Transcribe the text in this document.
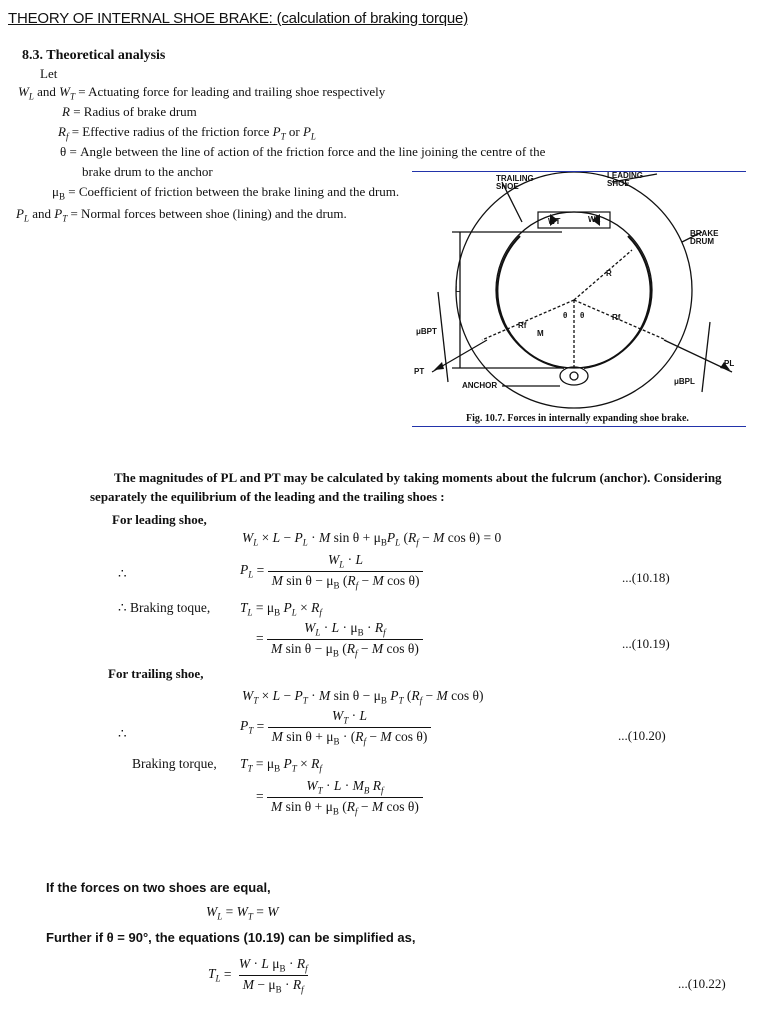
THEORY OF INTERNAL SHOE BRAKE: (calculation of braking torque)
8.3. Theoretical analysis
Let
$W_L$ and $W_T$ = Actuating force for leading and trailing shoe respectively
R = Radius of brake drum
$R_f$ = Effective radius of the friction force $P_T$ or $P_L$
θ = Angle between the line of action of the friction force and the line joining the centre of the
brake drum to the anchor
$\mu_B$ = Coefficient of friction between the brake lining and the drum.
$P_L$ and $P_T$ = Normal forces between shoe (lining) and the drum.
TRAILING
SHOE
LEADING
SHOE
BRAKE
DRUM
ANCHOR
WT	WL
R
Rf
Rf
L
M
θ θ
μBPT
PT
PL
μBPL
Fig. 10.7. Forces in internally expanding shoe brake.
The magnitudes of PL and PT may be calculated by taking moments about the fulcrum (anchor). Considering separately the equilibrium of the leading and the trailing shoes :
For leading shoe,
$W_L \times L - P_L \cdot M$ $\sin \theta + \mu_BP_L$ ($R_f - M$ cos θ) = 0
∴	$P_L = \frac{W_L \cdot L}{M \sin \theta - \mu_B (R_f - M \cos \theta)}$	...(10.18)
∴ Braking toque, $T_L = \mu_B$ $P_L \times R_f$
= $\frac{W_L \cdot L \cdot \mu_B \cdot R_f}{M \sin \theta - \mu_B (R_f - M \cos \theta)}$	...(10.19)
For trailing shoe,
$W_T \times L - P_T \cdot M$ $\sin \theta - \mu_B$ $P_T$ ($R_f - M$ cos θ)
∴
$P_T = \frac{W_T \cdot L}{M \sin \theta + \mu_B \cdot (R_f - M \cos \theta)}$	...(10.20)
Braking torque, $T_T = \mu_B$ $P_T \times R_f$
= $\frac{W_T \cdot L \cdot M_B R_f}{M \sin \theta + \mu_B (R_f - M \cos \theta)}$
If the forces on two shoes are equal,
$W_L = W_T = W$
Further if θ = 90°, the equations (10.19) can be simplified as,
$T_L = \frac{W \cdot L \mu_B \cdot R_f}{M - \mu_B \cdot R_f}$	...(10.22)
